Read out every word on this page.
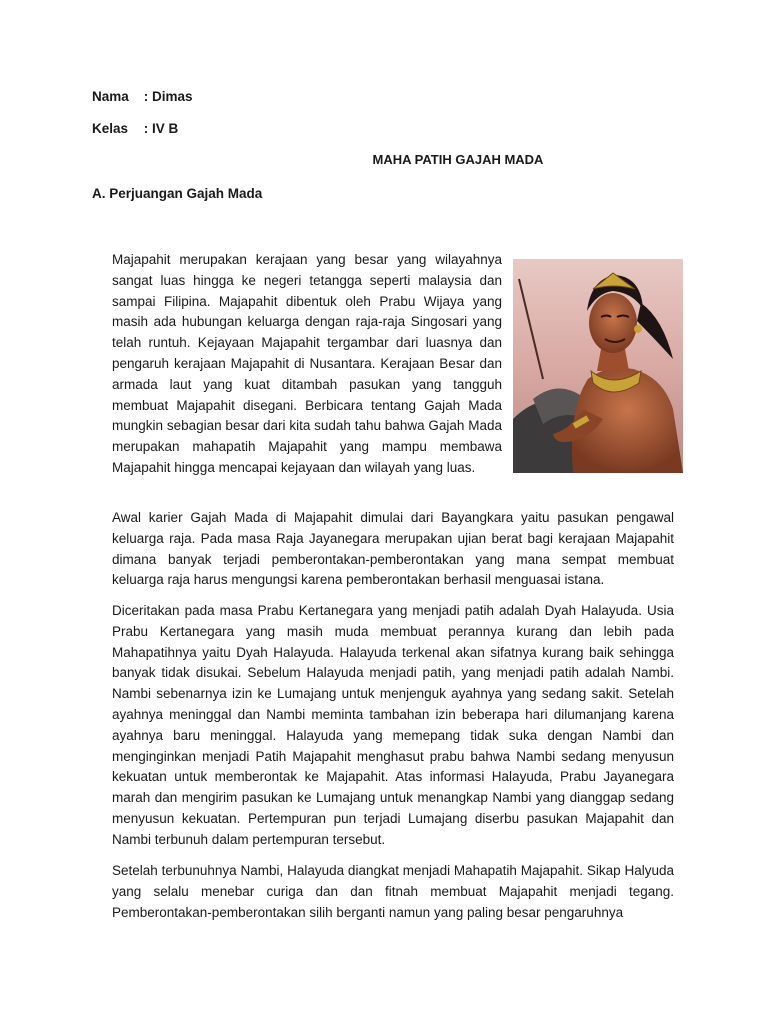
Nama : Dimas
Kelas : IV B
MAHA PATIH GAJAH MADA
A. Perjuangan Gajah Mada

Majapahit merupakan kerajaan yang besar yang wilayahnya sangat luas hingga ke negeri tetangga seperti malaysia dan sampai Filipina. Majapahit dibentuk oleh Prabu Wijaya yang masih ada hubungan keluarga dengan raja-raja Singosari yang telah runtuh. Kejayaan Majapahit tergambar dari luasnya dan pengaruh kerajaan Majapahit di Nusantara. Kerajaan Besar dan armada laut yang kuat ditambah pasukan yang tangguh membuat Majapahit disegani. Berbicara tentang Gajah Mada mungkin sebagian besar dari kita sudah tahu bahwa Gajah Mada merupakan mahapatih Majapahit yang mampu membawa Majapahit hingga mencapai kejayaan dan wilayah yang luas.

Awal karier Gajah Mada di Majapahit dimulai dari Bayangkara yaitu pasukan pengawal keluarga raja. Pada masa Raja Jayanegara merupakan ujian berat bagi kerajaan Majapahit dimana banyak terjadi pemberontakan-pemberontakan yang mana sempat membuat keluarga raja harus mengungsi karena pemberontakan berhasil menguasai istana.

Diceritakan pada masa Prabu Kertanegara yang menjadi patih adalah Dyah Halayuda. Usia Prabu Kertanegara yang masih muda membuat perannya kurang dan lebih pada Mahapatihnya yaitu Dyah Halayuda. Halayuda terkenal akan sifatnya kurang baik sehingga banyak tidak disukai. Sebelum Halayuda menjadi patih, yang menjadi patih adalah Nambi. Nambi sebenarnya izin ke Lumajang untuk menjenguk ayahnya yang sedang sakit. Setelah ayahnya meninggal dan Nambi meminta tambahan izin beberapa hari dilumanjang karena ayahnya baru meninggal. Halayuda yang memepang tidak suka dengan Nambi dan menginginkan menjadi Patih Majapahit menghasut prabu bahwa Nambi sedang menyusun kekuatan untuk memberontak ke Majapahit. Atas informasi Halayuda, Prabu Jayanegara marah dan mengirim pasukan ke Lumajang untuk menangkap Nambi yang dianggap sedang menyusun kekuatan. Pertempuran pun terjadi Lumajang diserbu pasukan Majapahit dan Nambi terbunuh dalam pertempuran tersebut.

Setelah terbunuhnya Nambi, Halayuda diangkat menjadi Mahapatih Majapahit. Sikap Halyuda yang selalu menebar curiga dan dan fitnah membuat Majapahit menjadi tegang. Pemberontakan-pemberontakan silih berganti namun yang paling besar pengaruhnya
